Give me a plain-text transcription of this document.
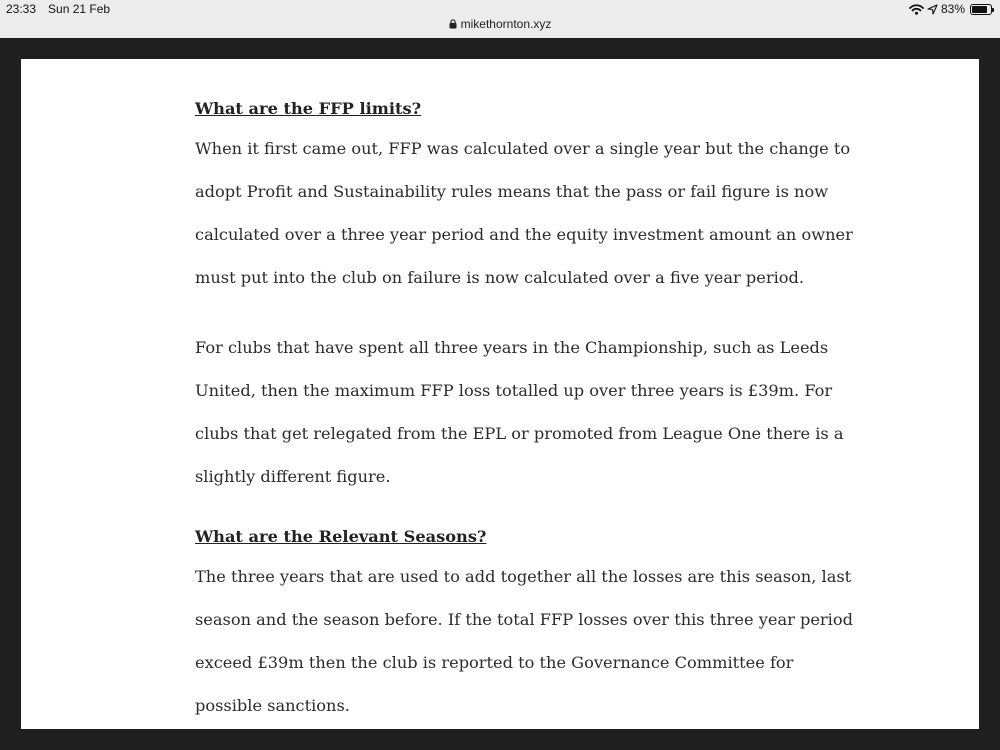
23:33 Sun 21 Feb
mikethornton.xyz
83%
What are the FFP limits?

When it first came out, FFP was calculated over a single year but the change to
adopt Profit and Sustainability rules means that the pass or fail figure is now
calculated over a three year period and the equity investment amount an owner
must put into the club on failure is now calculated over a five year period.

For clubs that have spent all three years in the Championship, such as Leeds
United, then the maximum FFP loss totalled up over three years is £39m. For
clubs that get relegated from the EPL or promoted from League One there is a
slightly different figure.

What are the Relevant Seasons?

The three years that are used to add together all the losses are this season, last
season and the season before. If the total FFP losses over this three year period
exceed £39m then the club is reported to the Governance Committee for
possible sanctions.
